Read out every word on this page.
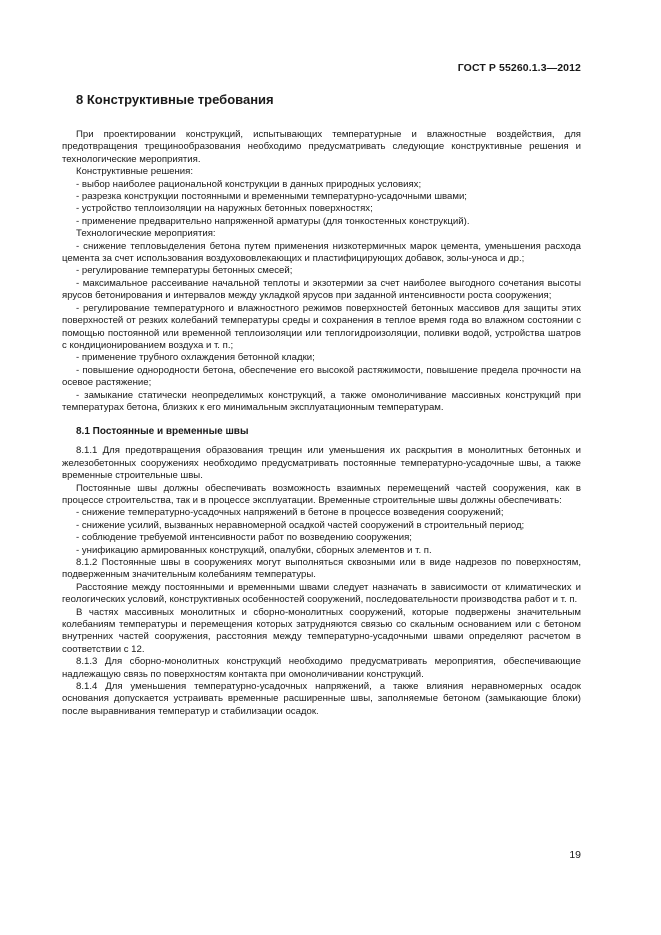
ГОСТ Р 55260.1.3—2012
8 Конструктивные требования

При проектировании конструкций, испытывающих температурные и влажностные воздействия, для предотвращения трещинообразования необходимо предусматривать следующие конструктивные решения и технологические мероприятия.

Конструктивные решения:

- выбор наиболее рациональной конструкции в данных природных условиях;

- разрезка конструкции постоянными и временными температурно-усадочными швами;

- устройство теплоизоляции на наружных бетонных поверхностях;

- применение предварительно напряженной арматуры (для тонкостенных конструкций).

Технологические мероприятия:

- снижение тепловыделения бетона путем применения низкотермичных марок цемента, уменьшения расхода цемента за счет использования воздухововлекающих и пластифицирующих добавок, золы-уноса и др.;

- регулирование температуры бетонных смесей;

- максимальное рассеивание начальной теплоты и экзотермии за счет наиболее выгодного сочетания высоты ярусов бетонирования и интервалов между укладкой ярусов при заданной интенсивности роста сооружения;

- регулирование температурного и влажностного режимов поверхностей бетонных массивов для защиты этих поверхностей от резких колебаний температуры среды и сохранения в теплое время года во влажном состоянии с помощью постоянной или временной теплоизоляции или теплогидроизоляции, поливки водой, устройства шатров с кондиционированием воздуха и т. п.;

- применение трубного охлаждения бетонной кладки;

- повышение однородности бетона, обеспечение его высокой растяжимости, повышение предела прочности на осевое растяжение;

- замыкание статически неопределимых конструкций, а также омоноличивание массивных конструкций при температурах бетона, близких к его минимальным эксплуатационным температурам.

8.1 Постоянные и временные швы

8.1.1 Для предотвращения образования трещин или уменьшения их раскрытия в монолитных бетонных и железобетонных сооружениях необходимо предусматривать постоянные температурно-усадочные швы, а также временные строительные швы.

Постоянные швы должны обеспечивать возможность взаимных перемещений частей сооружения, как в процессе строительства, так и в процессе эксплуатации. Временные строительные швы должны обеспечивать:

- снижение температурно-усадочных напряжений в бетоне в процессе возведения сооружений;

- снижение усилий, вызванных неравномерной осадкой частей сооружений в строительный период;

- соблюдение требуемой интенсивности работ по возведению сооружения;

- унификацию армированных конструкций, опалубки, сборных элементов и т. п.

8.1.2 Постоянные швы в сооружениях могут выполняться сквозными или в виде надрезов по поверхностям, подверженным значительным колебаниям температуры.

Расстояние между постоянными и временными швами следует назначать в зависимости от климатических и геологических условий, конструктивных особенностей сооружений, последовательности производства работ и т. п.

В частях массивных монолитных и сборно-монолитных сооружений, которые подвержены значительным колебаниям температуры и перемещения которых затрудняются связью со скальным основанием или с бетоном внутренних частей сооружения, расстояния между температурно-усадочными швами определяют расчетом в соответствии с 12.

8.1.3 Для сборно-монолитных конструкций необходимо предусматривать мероприятия, обеспечивающие надлежащую связь по поверхностям контакта при омоноличивании конструкций.

8.1.4 Для уменьшения температурно-усадочных напряжений, а также влияния неравномерных осадок основания допускается устраивать временные расширенные швы, заполняемые бетоном (замыкающие блоки) после выравнивания температур и стабилизации осадок.

19
